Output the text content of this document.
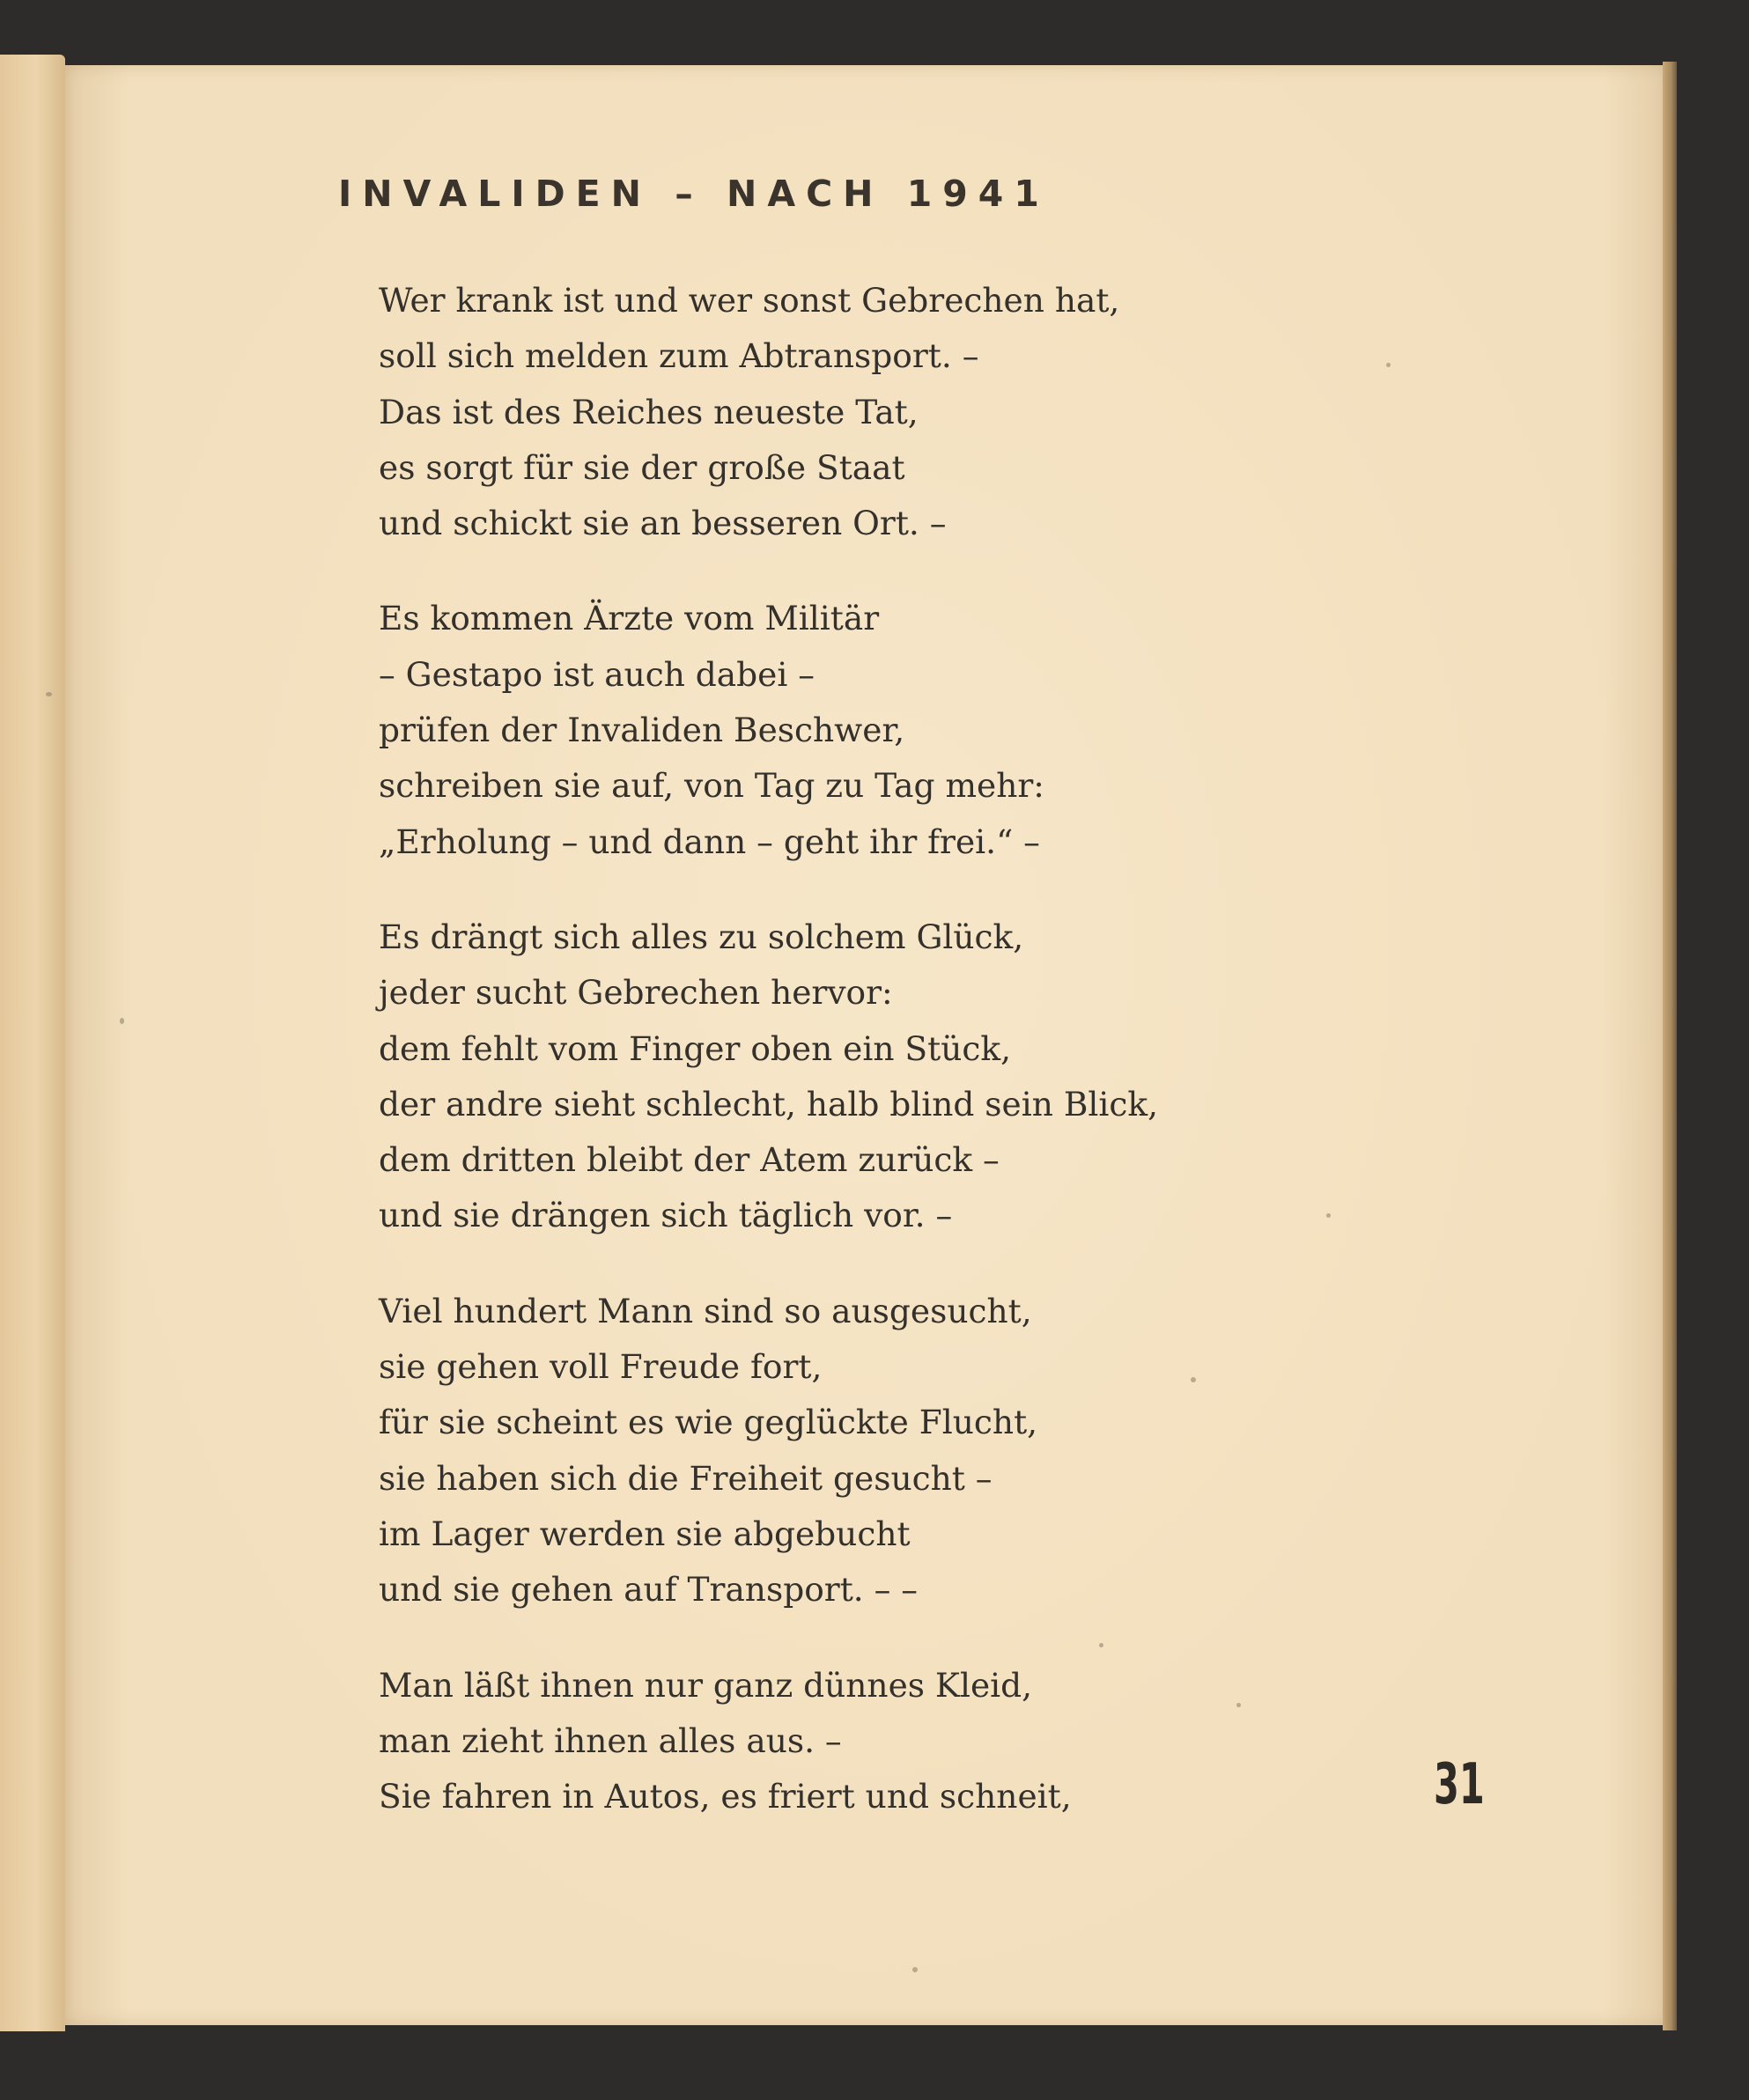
INVALIDEN – NACH 1941
Wer krank ist und wer sonst Gebrechen hat,
soll sich melden zum Abtransport. –
Das ist des Reiches neueste Tat,
es sorgt für sie der große Staat
und schickt sie an besseren Ort. –
Es kommen Ärzte vom Militär
– Gestapo ist auch dabei –
prüfen der Invaliden Beschwer,
schreiben sie auf, von Tag zu Tag mehr:
„Erholung – und dann – geht ihr frei.“ –
Es drängt sich alles zu solchem Glück,
jeder sucht Gebrechen hervor:
dem fehlt vom Finger oben ein Stück,
der andre sieht schlecht, halb blind sein Blick,
dem dritten bleibt der Atem zurück –
und sie drängen sich täglich vor. –
Viel hundert Mann sind so ausgesucht,
sie gehen voll Freude fort,
für sie scheint es wie geglückte Flucht,
sie haben sich die Freiheit gesucht –
im Lager werden sie abgebucht
und sie gehen auf Transport. – –
Man läßt ihnen nur ganz dünnes Kleid,
man zieht ihnen alles aus. –
Sie fahren in Autos, es friert und schneit,	31
